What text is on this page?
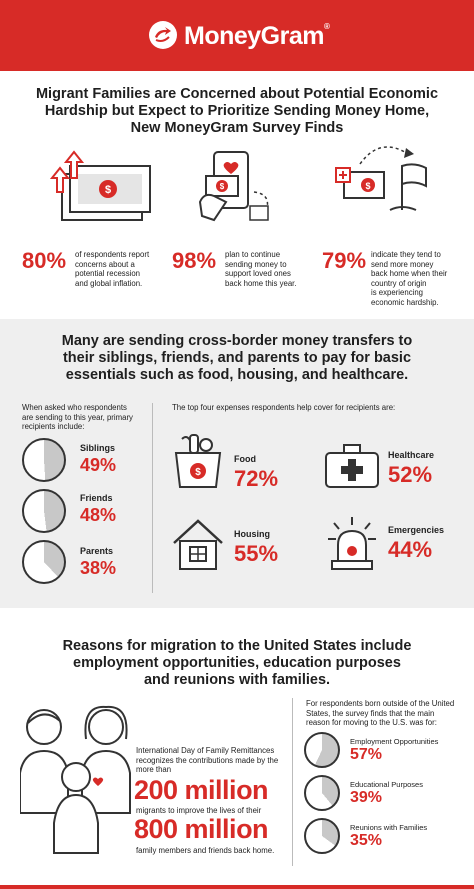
MoneyGram®
Migrant Families are Concerned about Potential Economic
Hardship but Expect to Prioritize Sending Money Home,
New MoneyGram Survey Finds
$	$	$
80% of respondents report
concerns about a
potential recession
and global inflation.
98% plan to continue
sending money to
support loved ones
back home this year.
79% indicate they tend to
send more money
back home when their
country of origin
is experiencing
economic hardship.
Many are sending cross-border money transfers to
their siblings, friends, and parents to pay for basic
essentials such as food, housing, and healthcare.
When asked who respondents
are sending to this year, primary
recipients include:
Siblings
49%
Friends
48%
Parents
38%
The top four expenses respondents help cover for recipients are:
$
Food
72%
Healthcare
52%
Housing
55%
Emergencies
44%
Reasons for migration to the United States include
employment opportunities, education purposes
and reunions with families.
International Day of Family Remittances
recognizes the contributions made by the
more than
200 million
migrants to improve the lives of their
800 million
family members and friends back home.
For respondents born outside of the United
States, the survey finds that the main
reason for moving to the U.S. was for:
Employment Opportunities
57%
Educational Purposes
39%
Reunions with Families
35%
